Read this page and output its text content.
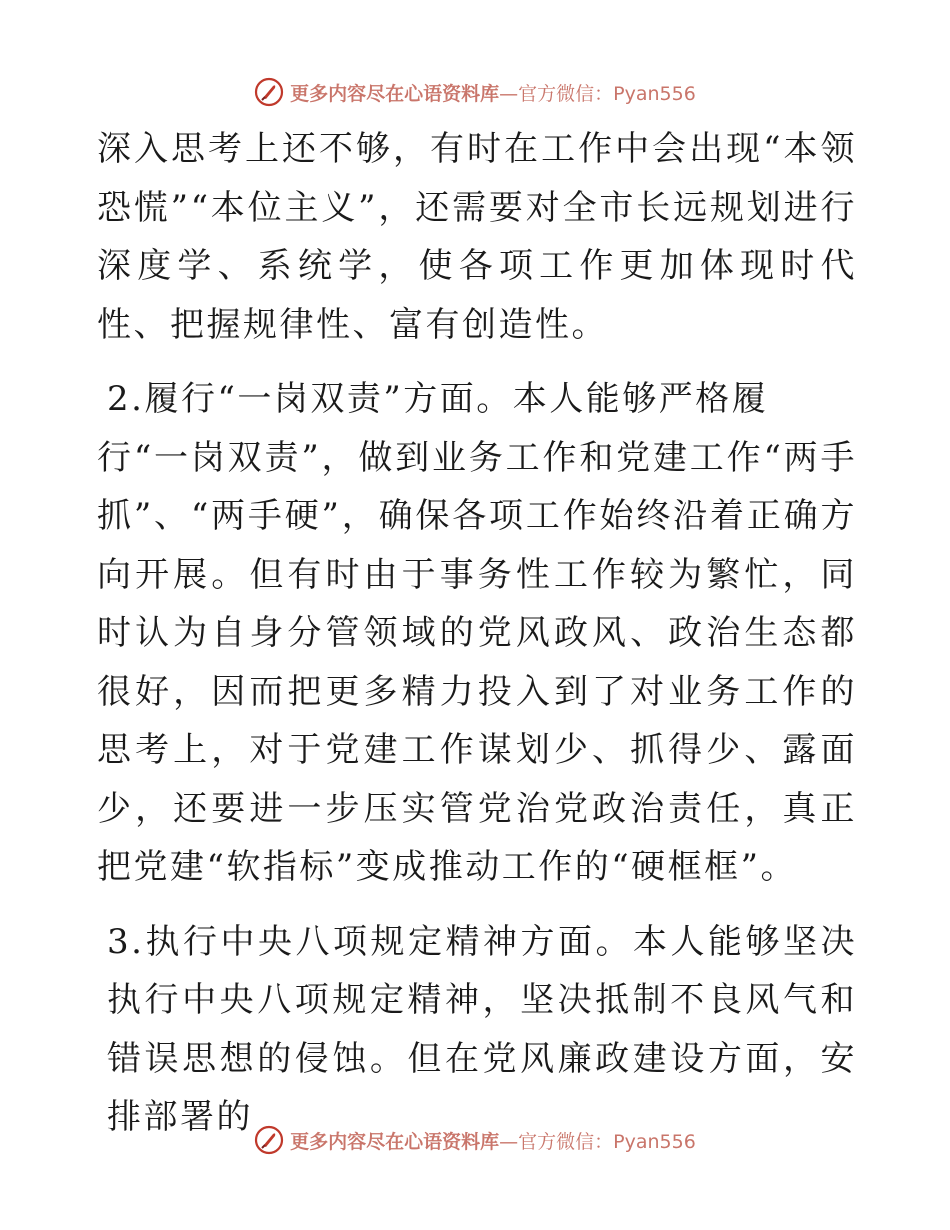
更多内容尽在心语资料库 —官方微信：Pyan556

深入思考上还不够，有时在工作中会出现“本领恐慌”“本位主义”，还需要对全市长远规划进行深度学、系统学，使各项工作更加体现时代性、把握规律性、富有创造性。

2.履行“一岗双责”方面。本人能够严格履

行“一岗双责”，做到业务工作和党建工作“两手抓”、“两手硬”，确保各项工作始终沿着正确方向开展。但有时由于事务性工作较为繁忙，同时认为自身分管领域的党风政风、政治生态都很好，因而把更多精力投入到了对业务工作的思考上，对于党建工作谋划少、抓得少、露面少，还要进一步压实管党治党政治责任，真正把党建“软指标”变成推动工作的“硬框框”。

3.执行中央八项规定精神方面。本人能够坚决执行中央八项规定精神，坚决抵制不良风气和错误思想的侵蚀。但在党风廉政建设方面，安排部署的

更多内容尽在心语资料库 —官方微信：Pyan556
